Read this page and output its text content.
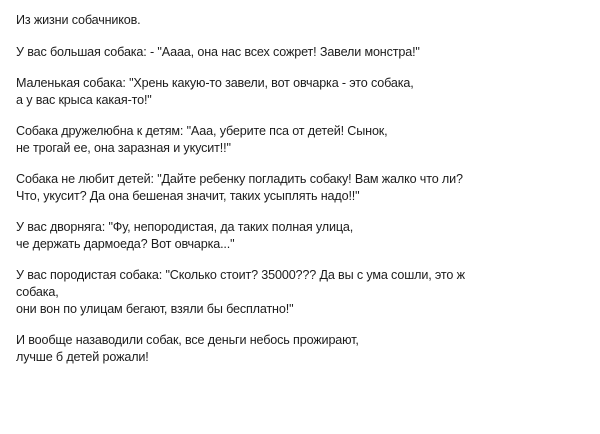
Из жизни собачников.

У вас большая собака: - "Аааа, она нас всех сожрет! Завели монстра!"

Маленькая собака: "Хрень какую-то завели, вот овчарка - это собака,
а у вас крыса какая-то!"

Собака дружелюбна к детям: "Ааа, уберите пса от детей! Сынок,
не трогай ее, она заразная и укусит!!"

Собака не любит детей: "Дайте ребенку погладить собаку! Вам жалко что ли?
Что, укусит? Да она бешеная значит, таких усыплять надо!!"

У вас дворняга: "Фу, непородистая, да таких полная улица,
че держать дармоеда? Вот овчарка..."

У вас породистая собака: "Сколько стоит? 35000??? Да вы с ума сошли, это ж
собака,
они вон по улицам бегают, взяли бы бесплатно!"

И вообще назаводили собак, все деньги небось прожирают,
лучше б детей рожали!
